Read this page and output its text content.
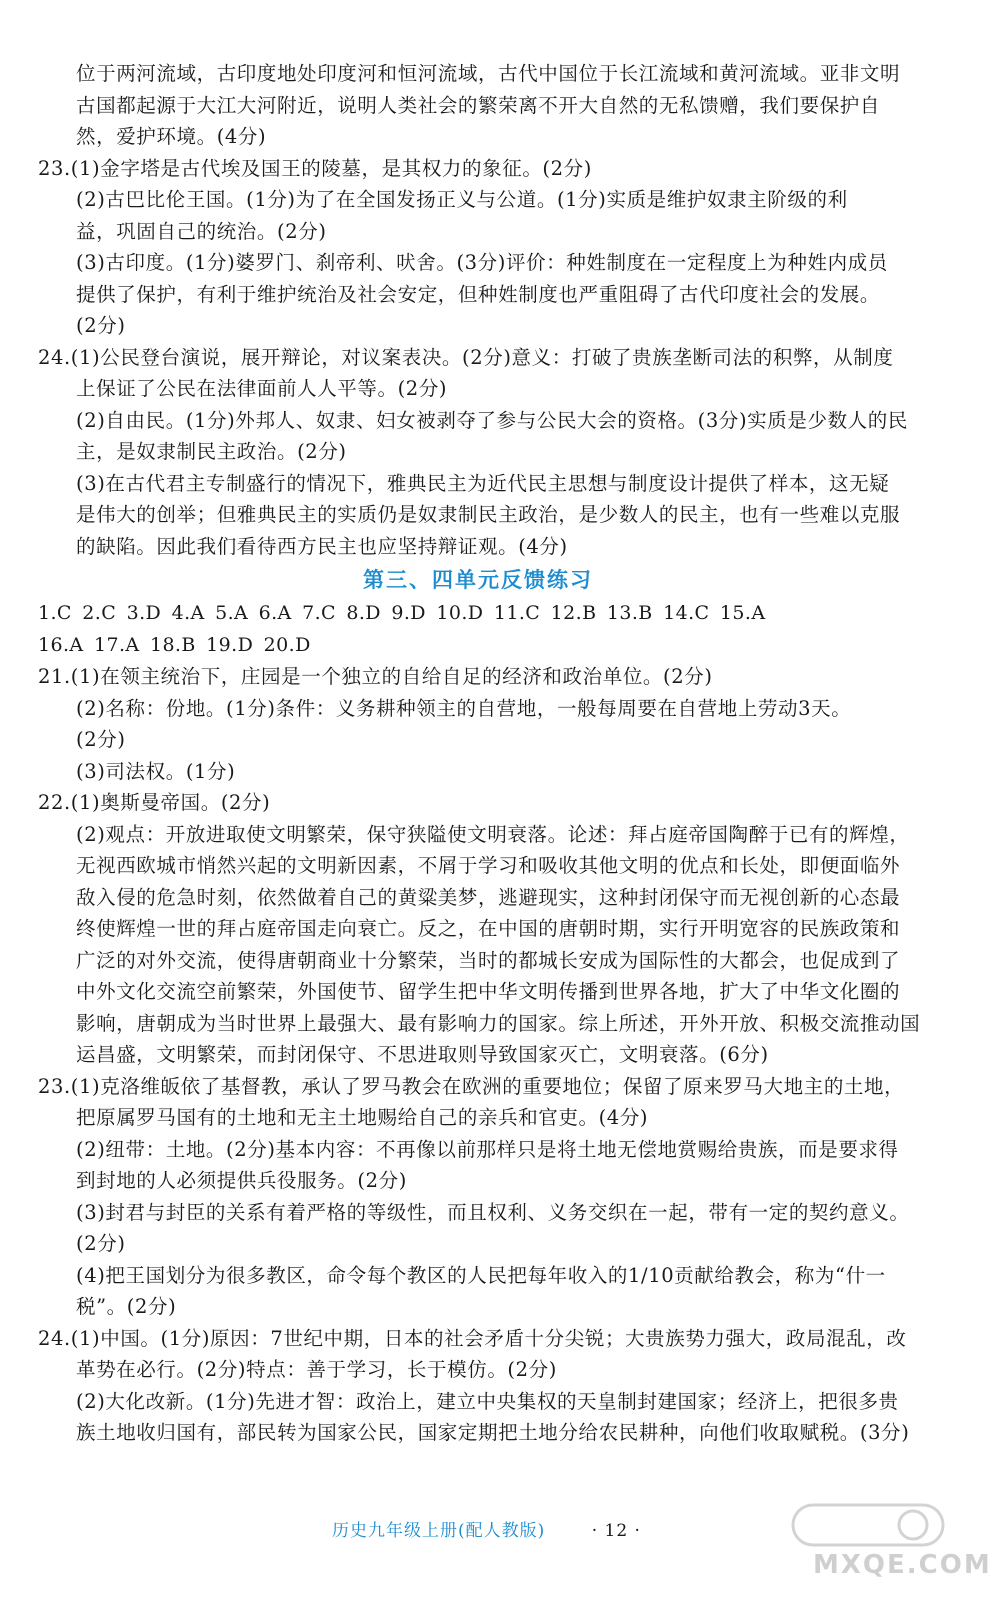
位于两河流域，古印度地处印度河和恒河流域，古代中国位于长江流域和黄河流域。亚非文明

古国都起源于大江大河附近，说明人类社会的繁荣离不开大自然的无私馈赠，我们要保护自

然，爱护环境。(4分)

23.(1)金字塔是古代埃及国王的陵墓，是其权力的象征。(2分)

(2)古巴比伦王国。(1分)为了在全国发扬正义与公道。(1分)实质是维护奴隶主阶级的利

益，巩固自己的统治。(2分)

(3)古印度。(1分)婆罗门、刹帝利、吠舍。(3分)评价：种姓制度在一定程度上为种姓内成员

提供了保护，有利于维护统治及社会安定，但种姓制度也严重阻碍了古代印度社会的发展。

(2分)

24.(1)公民登台演说，展开辩论，对议案表决。(2分)意义：打破了贵族垄断司法的积弊，从制度

上保证了公民在法律面前人人平等。(2分)

(2)自由民。(1分)外邦人、奴隶、妇女被剥夺了参与公民大会的资格。(3分)实质是少数人的民

主，是奴隶制民主政治。(2分)

(3)在古代君主专制盛行的情况下，雅典民主为近代民主思想与制度设计提供了样本，这无疑

是伟大的创举；但雅典民主的实质仍是奴隶制民主政治，是少数人的民主，也有一些难以克服

的缺陷。因此我们看待西方民主也应坚持辩证观。(4分)

第三、四单元反馈练习

1.C 2.C 3.D 4.A 5.A 6.A 7.C 8.D 9.D 10.D 11.C 12.B 13.B 14.C 15.A

16.A 17.A 18.B 19.D 20.D

21.(1)在领主统治下，庄园是一个独立的自给自足的经济和政治单位。(2分)

(2)名称：份地。(1分)条件：义务耕种领主的自营地，一般每周要在自营地上劳动3天。

(2分)

(3)司法权。(1分)

22.(1)奥斯曼帝国。(2分)

(2)观点：开放进取使文明繁荣，保守狭隘使文明衰落。论述：拜占庭帝国陶醉于已有的辉煌，

无视西欧城市悄然兴起的文明新因素，不屑于学习和吸收其他文明的优点和长处，即便面临外

敌入侵的危急时刻，依然做着自己的黄粱美梦，逃避现实，这种封闭保守而无视创新的心态最

终使辉煌一世的拜占庭帝国走向衰亡。反之，在中国的唐朝时期，实行开明宽容的民族政策和

广泛的对外交流，使得唐朝商业十分繁荣，当时的都城长安成为国际性的大都会，也促成到了

中外文化交流空前繁荣，外国使节、留学生把中华文明传播到世界各地，扩大了中华文化圈的

影响，唐朝成为当时世界上最强大、最有影响力的国家。综上所述，开外开放、积极交流推动国

运昌盛，文明繁荣，而封闭保守、不思进取则导致国家灭亡，文明衰落。(6分)

23.(1)克洛维皈依了基督教，承认了罗马教会在欧洲的重要地位；保留了原来罗马大地主的土地，

把原属罗马国有的土地和无主土地赐给自己的亲兵和官吏。(4分)

(2)纽带：土地。(2分)基本内容：不再像以前那样只是将土地无偿地赏赐给贵族，而是要求得

到封地的人必须提供兵役服务。(2分)

(3)封君与封臣的关系有着严格的等级性，而且权利、义务交织在一起，带有一定的契约意义。

(2分)

(4)把王国划分为很多教区，命令每个教区的人民把每年收入的1/10贡献给教会，称为“什一

税”。(2分)

24.(1)中国。(1分)原因：7世纪中期，日本的社会矛盾十分尖锐；大贵族势力强大，政局混乱，改

革势在必行。(2分)特点：善于学习，长于模仿。(2分)

(2)大化改新。(1分)先进才智：政治上，建立中央集权的天皇制封建国家；经济上，把很多贵

族土地收归国有，部民转为国家公民，国家定期把土地分给农民耕种，向他们收取赋税。(3分)

历史九年级上册(配人教版)	· 12 ·
MXQE.COM
